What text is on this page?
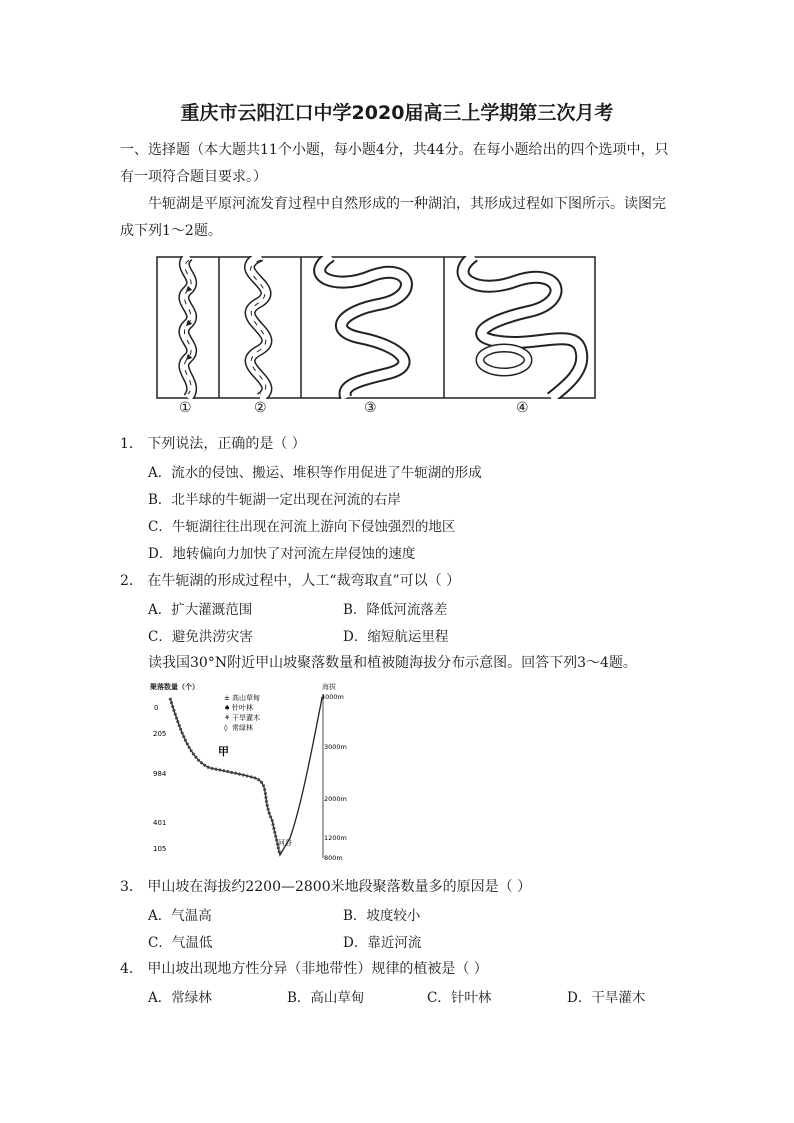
重庆市云阳江口中学2020届高三上学期第三次月考
一、选择题（本大题共11个小题，每小题4分，共44分。在每小题给出的四个选项中，只
有一项符合题目要求。）
牛轭湖是平原河流发育过程中自然形成的一种湖泊，其形成过程如下图所示。读图完
成下列1～2题。
①	②	③	④
1． 下列说法，正确的是（ ）
A．流水的侵蚀、搬运、堆积等作用促进了牛轭湖的形成
B．北半球的牛轭湖一定出现在河流的右岸
C．牛轭湖往往出现在河流上游向下侵蚀强烈的地区
D．地转偏向力加快了对河流左岸侵蚀的速度
2． 在牛轭湖的形成过程中，人工“裁弯取直”可以（ ）
A．扩大灌溉范围	B．降低河流落差
C．避免洪涝灾害	D．缩短航运里程
读我国30°N附近甲山坡聚落数量和植被随海拔分布示意图。回答下列3～4题。
聚落数量（个）	海拔
0
205
984
401
105
4000m
3000m
2000m
1200m
800m
± 高山草甸
♠ 针叶林
⚘ 干旱灌木
◊ 常绿林
甲
河谷
3． 甲山坡在海拔约2200—2800米地段聚落数量多的原因是（ ）
A．气温高	B．坡度较小
C．气温低	D．靠近河流
4． 甲山坡出现地方性分异（非地带性）规律的植被是（ ）
A．常绿林	B．高山草甸	C．针叶林	D．干旱灌木
